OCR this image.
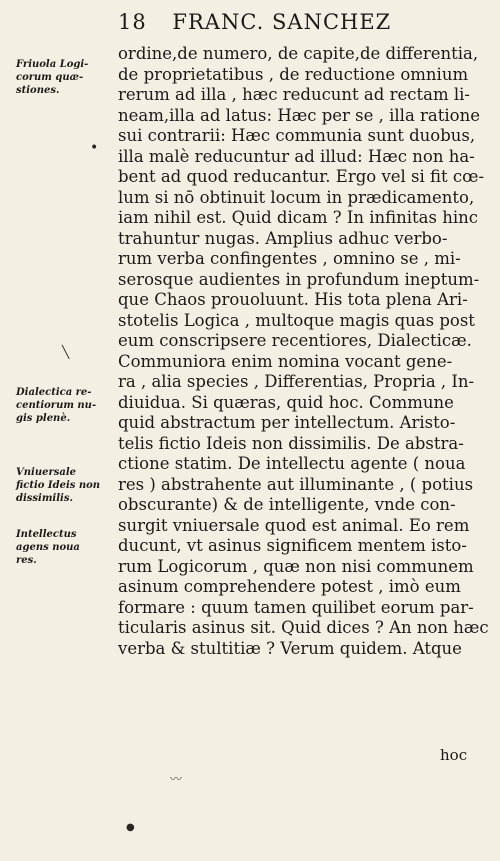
18 FRANC. SANCHEZ
Friuola Logi-
corum quæ-
stiones.
Dialectica re-
centiorum nu-
gis plenè.
Vniuersale
fictio Ideis non
dissimilis.
Intellectus
agens noua
res.
ordine,de numero, de capite,de differentia,
de proprietatibus , de reductione omnium
rerum ad illa , hæc reducunt ad rectam li-
neam,illa ad latus: Hæc per se , illa ratione
sui contrarii: Hæc communia sunt duobus,
illa malè reducuntur ad illud: Hæc non ha-
bent ad quod reducantur. Ergo vel si fit cœ-
lum si nō obtinuit locum in prædicamento,
iam nihil est. Quid dicam ? In infinitas hinc
trahuntur nugas. Amplius adhuc verbo-
rum verba confingentes , omnino se , mi-
serosque audientes in profundum ineptum-
que Chaos prouoluunt. His tota plena Ari-
stotelis Logica , multoque magis quas post
eum conscripsere recentiores, Dialecticæ.
Communiora enim nomina vocant gene-
ra , alia species , Differentias, Propria , In-
diuidua. Si quæras, quid hoc. Commune
quid abstractum per intellectum. Aristo-
telis fictio Ideis non dissimilis. De abstra-
ctione statim. De intellectu agente ( noua
res ) abstrahente aut illuminante , ( potius
obscurante) & de intelligente, vnde con-
surgit vniuersale quod est animal. Eo rem
ducunt, vt asinus significem mentem isto-
rum Logicorum , quæ non nisi communem
asinum comprehendere potest , imò eum
formare : quum tamen quilibet eorum par-
ticularis asinus sit. Quid dices ? An non hæc
verba & stultitiæ ? Verum quidem. Atque
hoc
•
╲
〰
●
